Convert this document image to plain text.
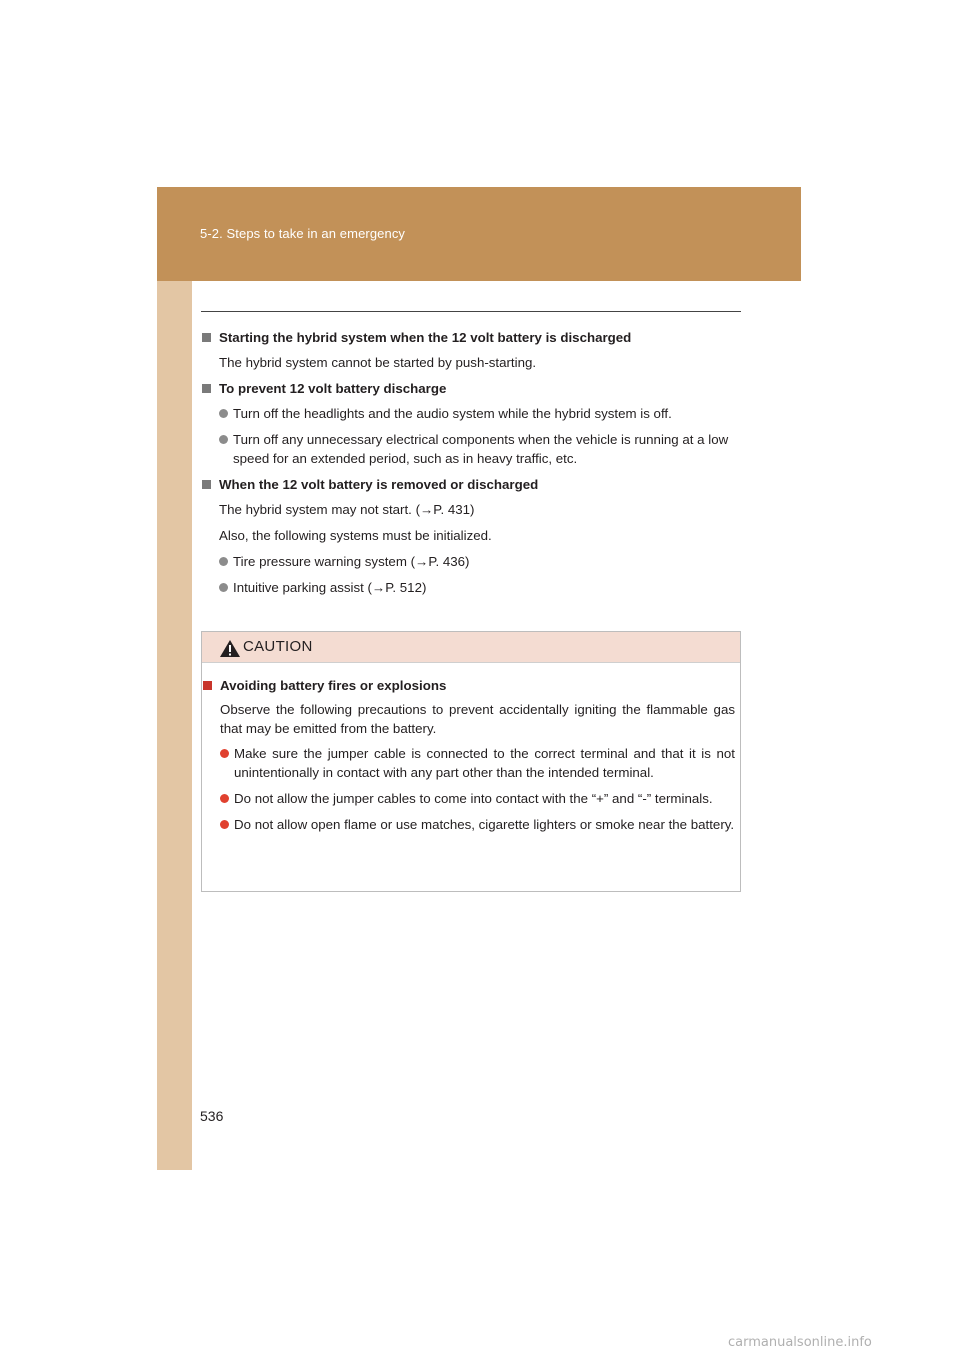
5-2. Steps to take in an emergency
Starting the hybrid system when the 12 volt battery is discharged
The hybrid system cannot be started by push-starting.
To prevent 12 volt battery discharge
Turn off the headlights and the audio system while the hybrid system is off.
Turn off any unnecessary electrical components when the vehicle is running at a low speed for an extended period, such as in heavy traffic, etc.
When the 12 volt battery is removed or discharged
The hybrid system may not start. (→P. 431)
Also, the following systems must be initialized.
Tire pressure warning system (→P. 436)
Intuitive parking assist (→P. 512)
CAUTION
Avoiding battery fires or explosions
Observe the following precautions to prevent accidentally igniting the flammable gas that may be emitted from the battery.
Make sure the jumper cable is connected to the correct terminal and that it is not unintentionally in contact with any part other than the intended terminal.
Do not allow the jumper cables to come into contact with the “+” and “-” terminals.
Do not allow open flame or use matches, cigarette lighters or smoke near the battery.
536
carmanualsonline.info
